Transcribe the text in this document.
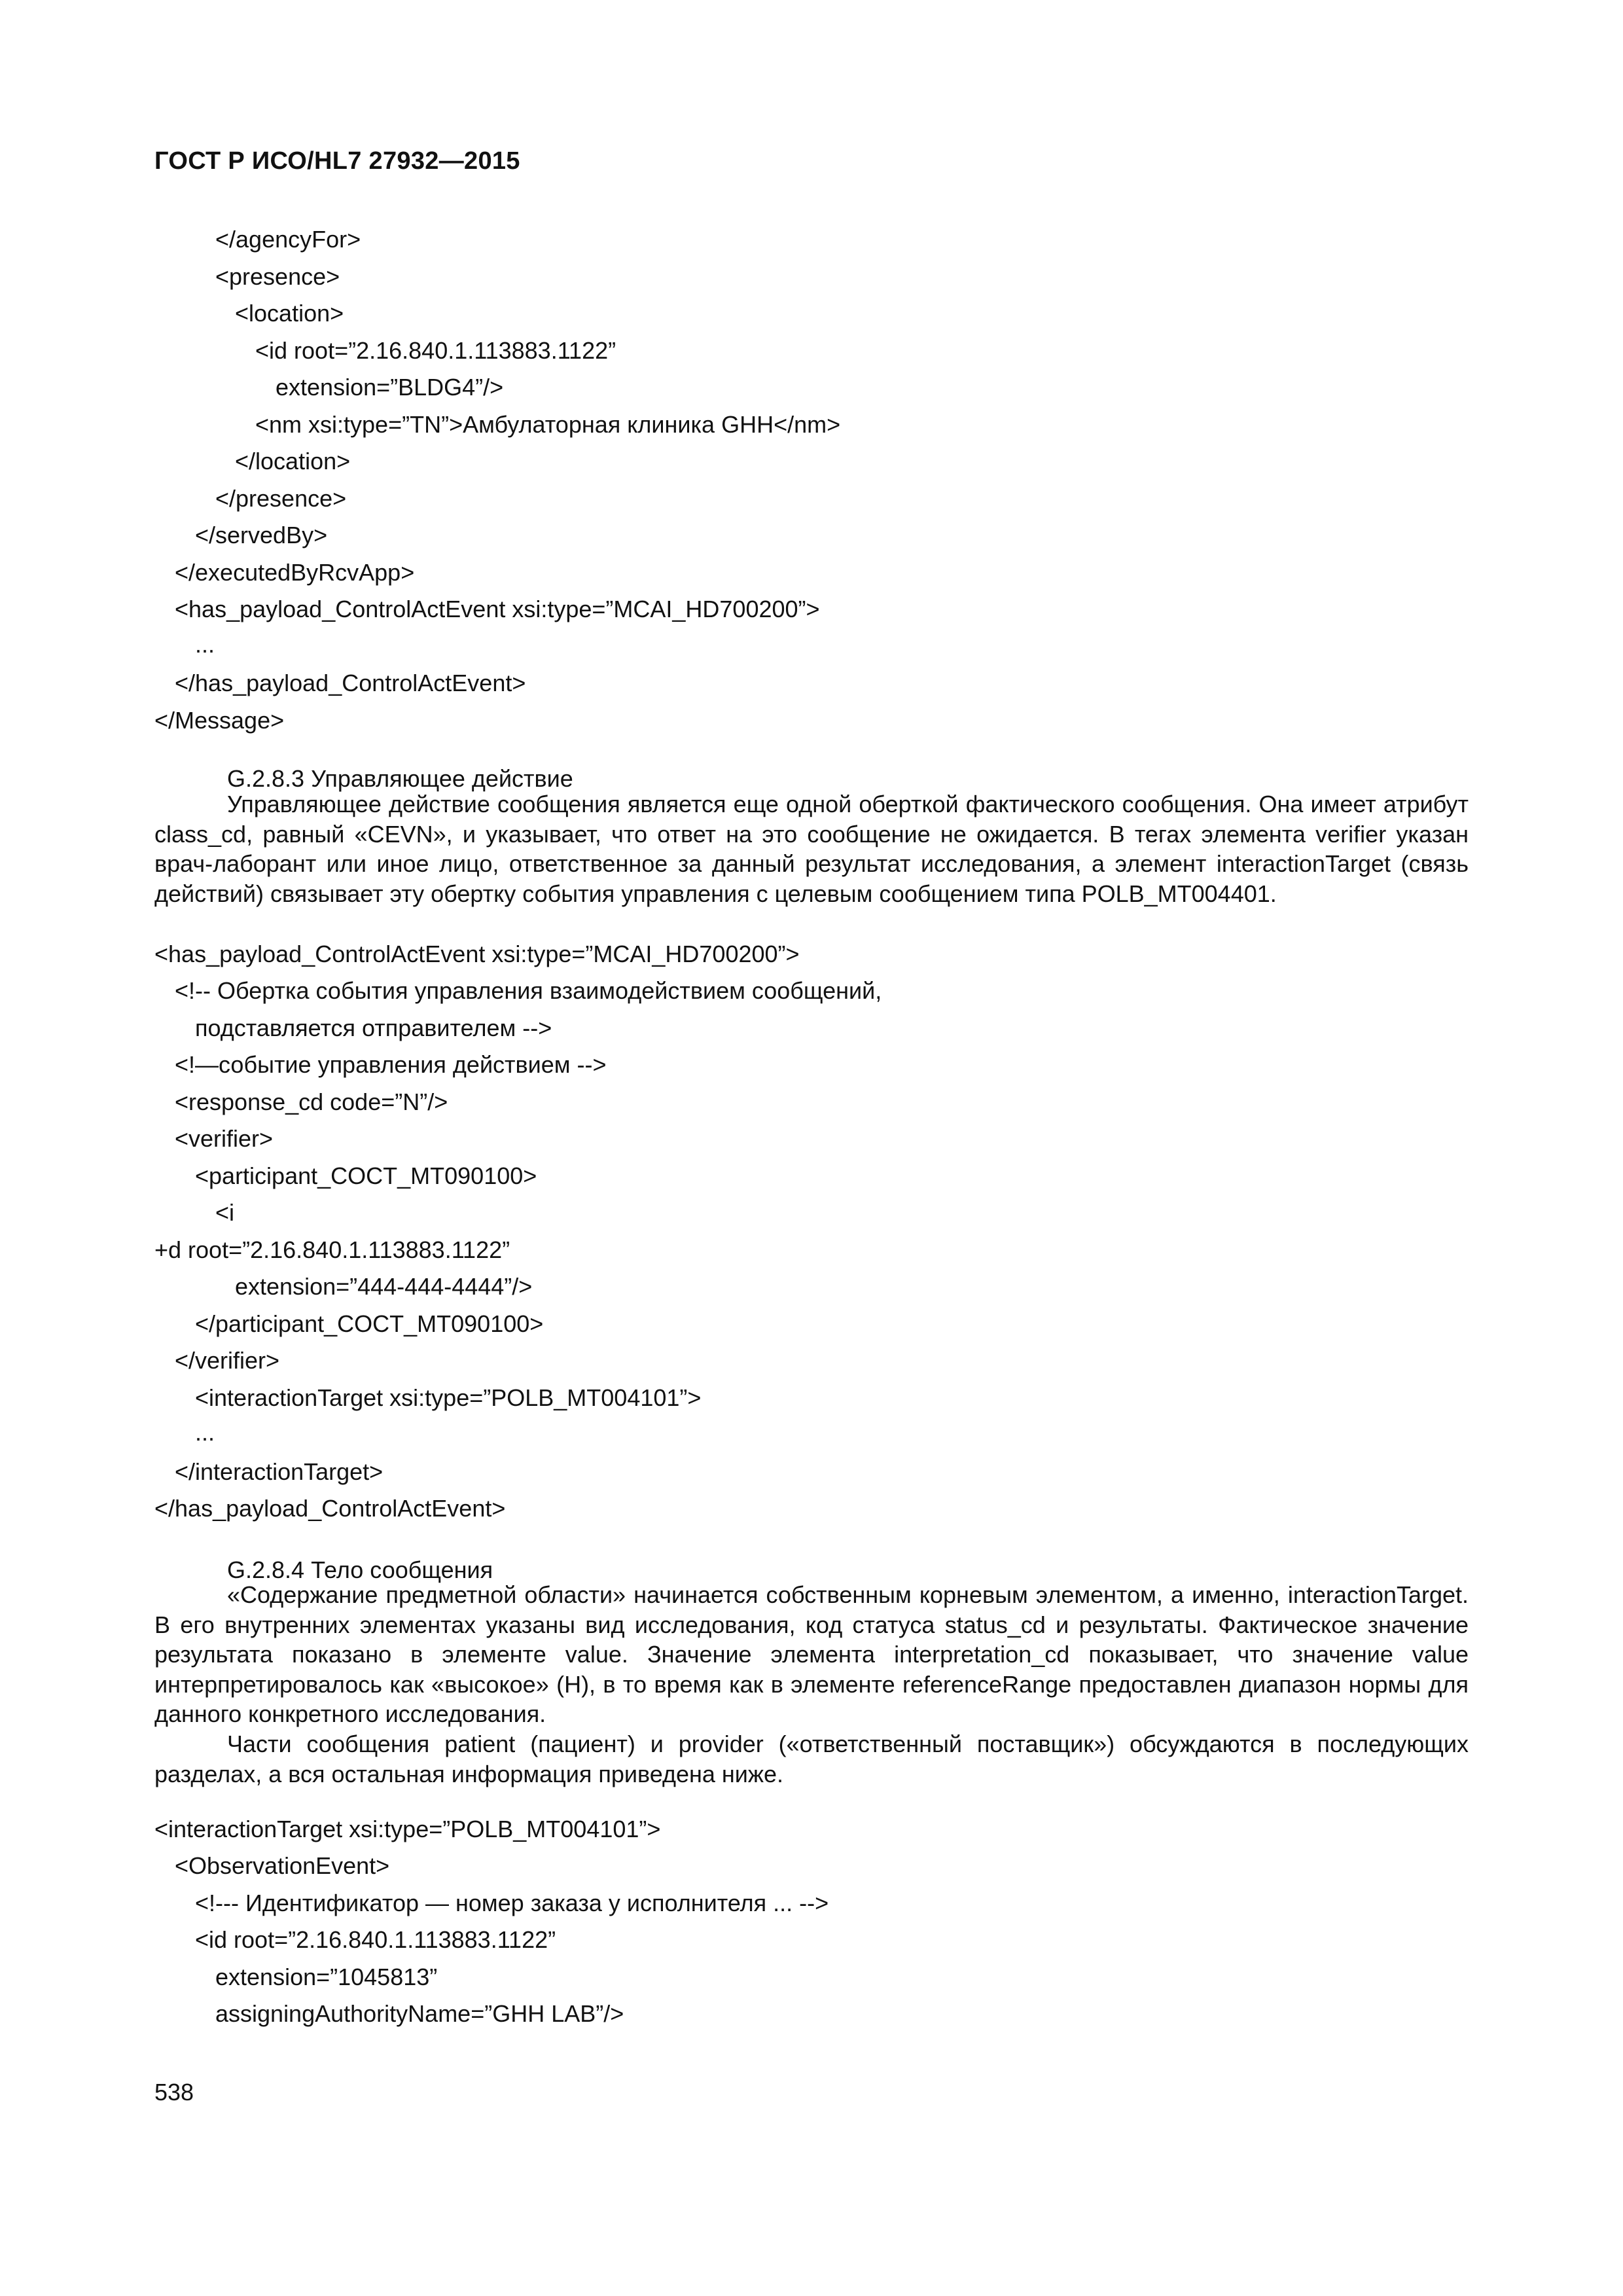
ГОСТ Р ИСО/HL7 27932—2015
</agencyFor>
<presence>
<location>
<id root=”2.16.840.1.113883.1122”
extension=”BLDG4”/>
<nm xsi:type=”TN”>Амбулаторная клиника GHH</nm>
</location>
</presence>
</servedBy>
</executedByRcvApp>
<has_payload_ControlActEvent xsi:type=”MCAI_HD700200”>
...
</has_payload_ControlActEvent>
</Message>
G.2.8.3 Управляющее действие

Управляющее действие сообщения является еще одной оберткой фактического сообщения. Она имеет атрибут class_cd, равный «CEVN», и указывает, что ответ на это сообщение не ожидается. В тегах элемента verifier указан врач-лаборант или иное лицо, ответственное за данный результат исследования, а элемент interactionTarget (связь действий) связывает эту обертку события управления с целевым сообщением типа POLB_MT004401.

<has_payload_ControlActEvent xsi:type=”MCAI_HD700200”>
<!-- Обертка события управления взаимодействием сообщений,
подставляется отправителем -->
<!—событие управления действием -->
<response_cd code=”N”/>
<verifier>
<participant_COCT_MT090100>
<i
+d root=”2.16.840.1.113883.1122”
extension=”444-444-4444”/>
</participant_COCT_MT090100>
</verifier>
<interactionTarget xsi:type=”POLB_MT004101”>
...
</interactionTarget>
</has_payload_ControlActEvent>
G.2.8.4 Тело сообщения

«Содержание предметной области» начинается собственным корневым элементом, а именно, interactionTarget. В его внутренних элементах указаны вид исследования, код статуса status_cd и результаты. Фактическое значение результата показано в элементе value. Значение элемента interpretation_cd показывает, что значение value интерпретировалось как «высокое» (H), в то время как в элементе referenceRange предоставлен диапазон нормы для данного конкретного исследования.

Части сообщения patient (пациент) и provider («ответственный поставщик») обсуждаются в последующих разделах, а вся остальная информация приведена ниже.

<interactionTarget xsi:type=”POLB_MT004101”>
<ObservationEvent>
<!--- Идентификатор — номер заказа у исполнителя ... -->
<id root=”2.16.840.1.113883.1122”
extension=”1045813”
assigningAuthorityName=”GHH LAB”/>
538
